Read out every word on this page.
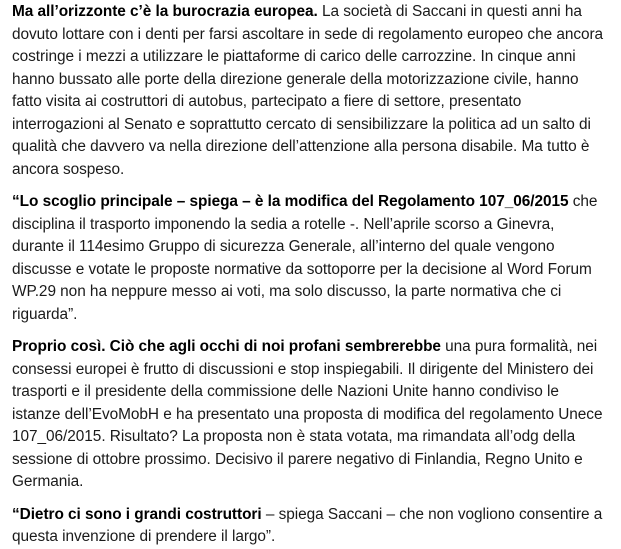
Ma all’orizzonte c’è la burocrazia europea. La società di Saccani in questi anni ha dovuto lottare con i denti per farsi ascoltare in sede di regolamento europeo che ancora costringe i mezzi a utilizzare le piattaforme di carico delle carrozzine. In cinque anni hanno bussato alle porte della direzione generale della motorizzazione civile, hanno fatto visita ai costruttori di autobus, partecipato a fiere di settore, presentato interrogazioni al Senato e soprattutto cercato di sensibilizzare la politica ad un salto di qualità che davvero va nella direzione dell’attenzione alla persona disabile. Ma tutto è ancora sospeso.

“Lo scoglio principale – spiega – è la modifica del Regolamento 107_06/2015 che disciplina il trasporto imponendo la sedia a rotelle -. Nell’aprile scorso a Ginevra, durante il 114esimo Gruppo di sicurezza Generale, all’interno del quale vengono discusse e votate le proposte normative da sottoporre per la decisione al Word Forum WP.29 non ha neppure messo ai voti, ma solo discusso, la parte normativa che ci riguarda”.

Proprio così. Ciò che agli occhi di noi profani sembrerebbe una pura formalità, nei consessi europei è frutto di discussioni e stop inspiegabili. Il dirigente del Ministero dei trasporti e il presidente della commissione delle Nazioni Unite hanno condiviso le istanze dell’EvoMobH e ha presentato una proposta di modifica del regolamento Unece 107_06/2015. Risultato? La proposta non è stata votata, ma rimandata all’odg della sessione di ottobre prossimo. Decisivo il parere negativo di Finlandia, Regno Unito e Germania.

“Dietro ci sono i grandi costruttori – spiega Saccani – che non vogliono consentire a questa invenzione di prendere il largo”.
